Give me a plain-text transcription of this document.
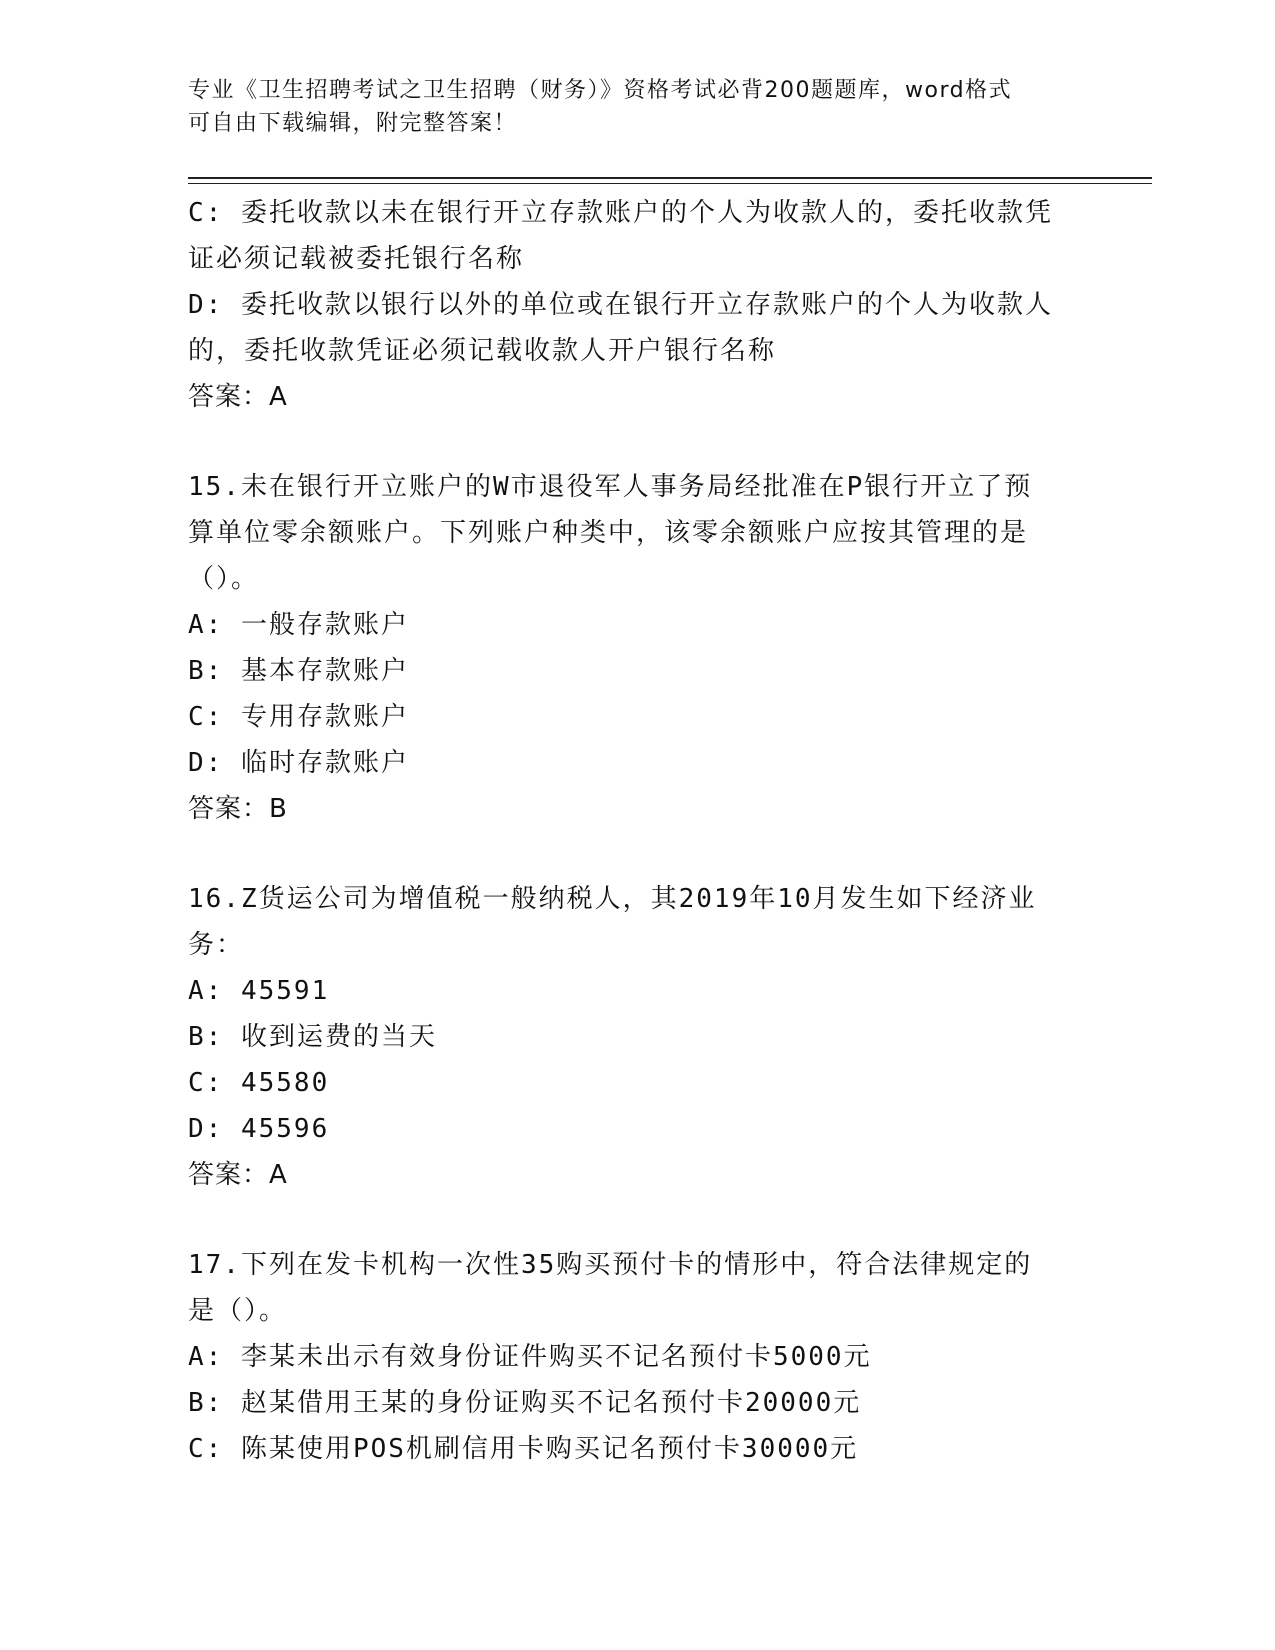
专业《卫生招聘考试之卫生招聘（财务）》资格考试必背200题题库，word格式
可自由下载编辑，附完整答案！
C: 委托收款以未在银行开立存款账户的个人为收款人的，委托收款凭
证必须记载被委托银行名称
D: 委托收款以银行以外的单位或在银行开立存款账户的个人为收款人
的，委托收款凭证必须记载收款人开户银行名称
答案：A
15.未在银行开立账户的W市退役军人事务局经批准在P银行开立了预
算单位零余额账户。下列账户种类中，该零余额账户应按其管理的是
（）。
A: 一般存款账户
B: 基本存款账户
C: 专用存款账户
D: 临时存款账户
答案：B
16.Z货运公司为增值税一般纳税人，其2019年10月发生如下经济业
务：
A: 45591
B: 收到运费的当天
C: 45580
D: 45596
答案：A
17.下列在发卡机构一次性35购买预付卡的情形中，符合法律规定的
是（）。
A: 李某未出示有效身份证件购买不记名预付卡5000元
B: 赵某借用王某的身份证购买不记名预付卡20000元
C: 陈某使用POS机刷信用卡购买记名预付卡30000元
